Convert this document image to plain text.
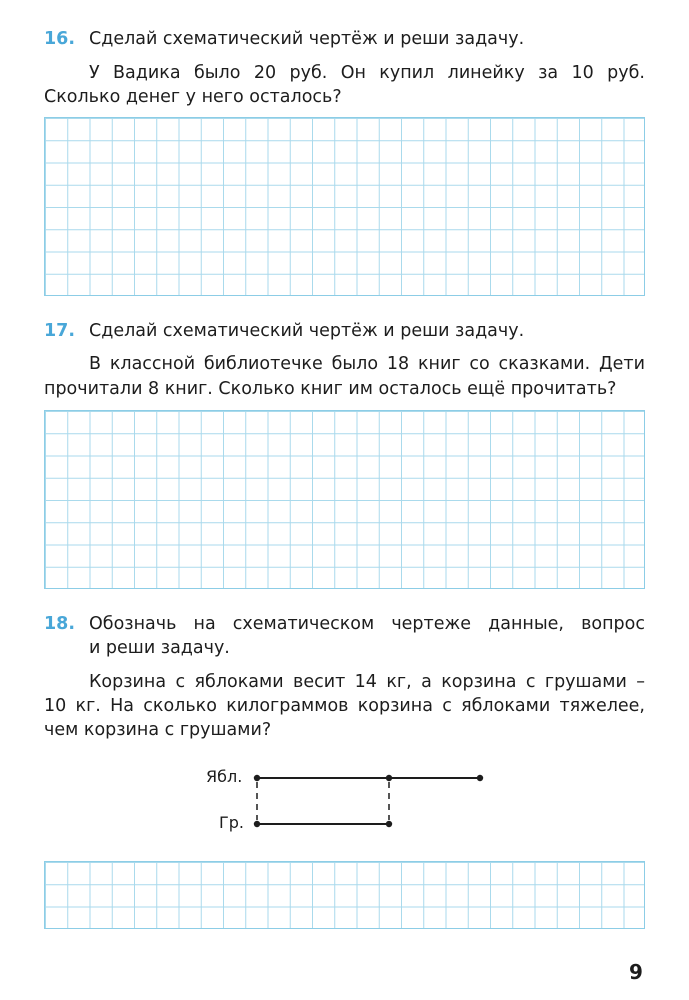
16. Сделай схематический чертёж и реши задачу.
У Вадика было 20 руб. Он купил линейку за 10 руб.
Сколько денег у него осталось?
17. Сделай схематический чертёж и реши задачу.
В классной библиотечке было 18 книг со сказками. Дети
прочитали 8 книг. Сколько книг им осталось ещё прочитать?
18. Обозначь на схематическом чертеже данные, вопрос
и реши задачу.
Корзина с яблоками весит 14 кг, а корзина с грушами –
10 кг. На сколько килограммов корзина с яблоками тяжелее,
чем корзина с грушами?
Ябл.
Гр.
9
